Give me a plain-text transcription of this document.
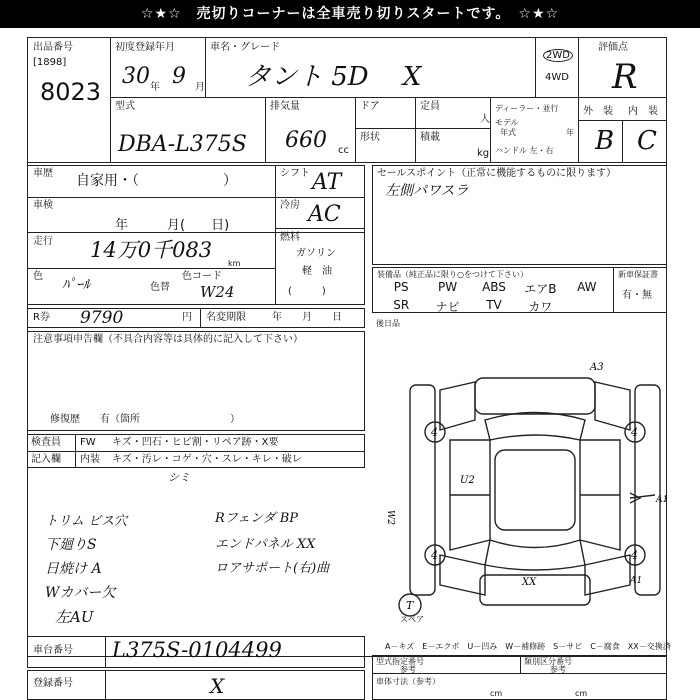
☆★☆　売切りコーナーは全車売り切りスタートです。　☆★☆
出品番号
[1898]
8023
初度登録年月
30 年 9 月
車名・グレード
タント 5D　 X
2WD
4WD
評価点
R
外　装 内　装
B C
型式
DBA-L375S
排気量
660 cc
ドア
形状
定員
人
積載
kg
ディーラー・並行
モデル
年式	年
ハンドル 左・右
車歴 自家用・（　　　　　　）
車検
年　　　月(　　日)
走行 14万0千083
km
色
ﾊﾟｰﾙ	色替
色コード
W24
シフト AT
冷房 AC
燃料
ガソリン
軽　油
(　　　)
セールスポイント（正常に機能するものに限ります）
左側パワスラ
装備品（純正品に限り○をつけて下さい）	新車保証書
有・無
PS	PW	ABS	エアB	AW
SR	ナビ	TV	カワ
R券 9790	円 名変期限	年　　月　　日
注意事項申告欄（不具合内容等は具体的に記入して下さい）
修復歴　　有（箇所　　　　　　　　　）
後日品
検査員
記入欄
FW キズ・凹石・ヒビ割・リペア跡・X要
内装 キズ・汚レ・コゲ・穴・スレ・キレ・破レ
シミ
トリム ビス穴
下廻りS
Rフェンダ BP
エンドパネル XX
日焼け A	ロアサポート(右)曲
Wカバー欠
左AU
A3
4	4
U2
4	4
A1
A1
XX
T
スペア
W2
A－キズ　E－エクボ　U－凹み　W－補修跡　S－サビ　C－腐食　XX－交換済
車台番号 L375S-0104499
登録番号	X
型式指定番号
参考
類別区分番号
参考
車体寸法（参考）
cm	cm
